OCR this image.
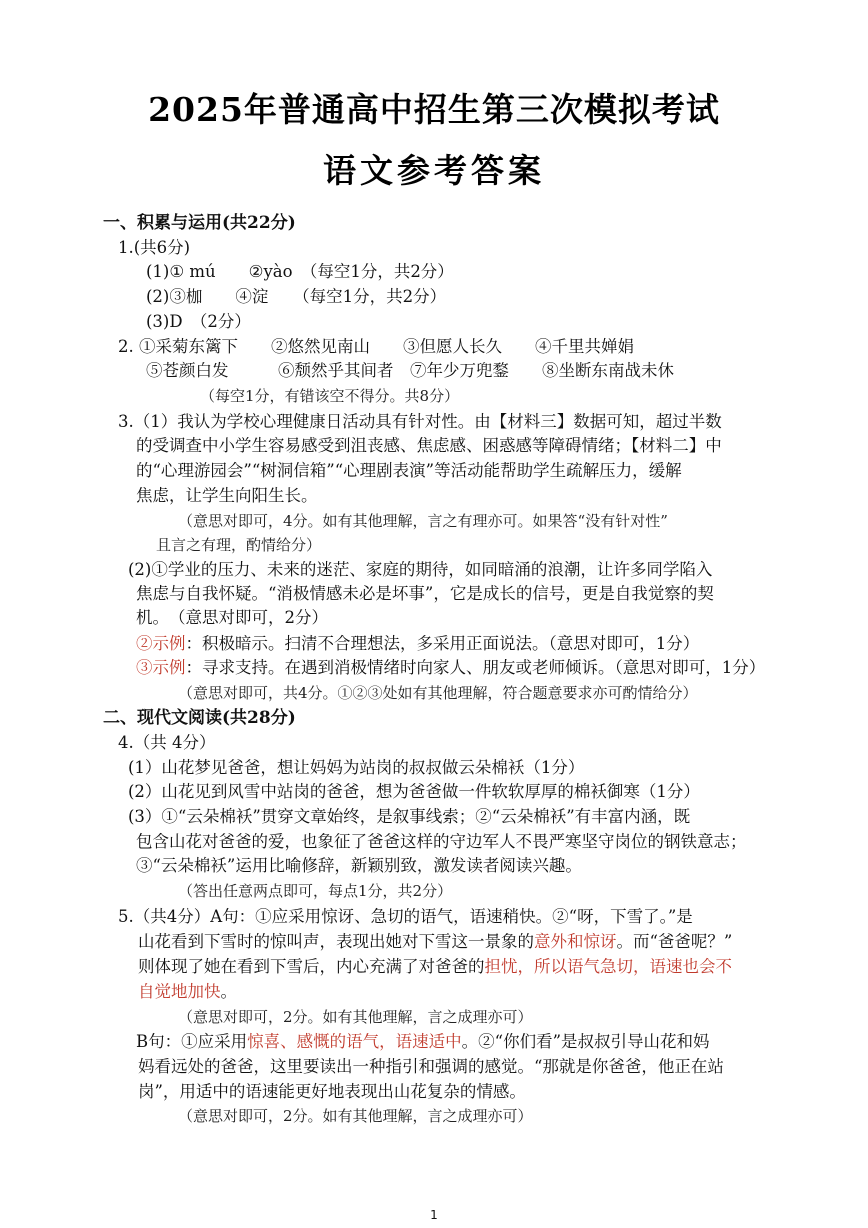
2025年普通高中招生第三次模拟考试
语文参考答案
一、积累与运用(共22分)
1.(共6分)
(1)① mú　　②yào　（每空1分，共2分）
(2)③枷　　④淀　　（每空1分，共2分）
(3)D　（2分）
2. ①采菊东篱下　　②悠然见南山　　③但愿人长久　　④千里共婵娟
⑤苍颜白发　　　⑥颓然乎其间者　⑦年少万兜鍪　　⑧坐断东南战未休
（每空1分，有错该空不得分。共8分）
3.（1）我认为学校心理健康日活动具有针对性。由【材料三】数据可知，超过半数
的受调查中小学生容易感受到沮丧感、焦虑感、困惑感等障碍情绪；【材料二】中
的“心理游园会”“树洞信箱”“心理剧表演”等活动能帮助学生疏解压力，缓解
焦虑，让学生向阳生长。
（意思对即可，4分。如有其他理解，言之有理亦可。如果答“没有针对性”
且言之有理，酌情给分）
(2)①学业的压力、未来的迷茫、家庭的期待，如同暗涌的浪潮，让许多同学陷入
焦虑与自我怀疑。“消极情感未必是坏事”，它是成长的信号，更是自我觉察的契
机。　（意思对即可，2分）
②示例：积极暗示。扫清不合理想法，多采用正面说法。（意思对即可，1分）
③示例：寻求支持。在遇到消极情绪时向家人、朋友或老师倾诉。（意思对即可，1分）
（意思对即可，共4分。①②③处如有其他理解，符合题意要求亦可酌情给分）
二、现代文阅读(共28分)
4.（共 4分）
(1）山花梦见爸爸，想让妈妈为站岗的叔叔做云朵棉袄（1分）
(2）山花见到风雪中站岗的爸爸，想为爸爸做一件软软厚厚的棉袄御寒（1分）
(3）①“云朵棉袄”贯穿文章始终，是叙事线索；②“云朵棉袄”有丰富内涵，既
包含山花对爸爸的爱，也象征了爸爸这样的守边军人不畏严寒坚守岗位的钢铁意志；
③“云朵棉袄”运用比喻修辞，新颖别致，激发读者阅读兴趣。
（答出任意两点即可，每点1分，共2分）
5.（共4分）A句：①应采用惊讶、急切的语气，语速稍快。②“呀，下雪了。”是
山花看到下雪时的惊叫声，表现出她对下雪这一景象的意外和惊讶。而“爸爸呢？”
则体现了她在看到下雪后，内心充满了对爸爸的担忧，所以语气急切，语速也会不
自觉地加快。
（意思对即可，2分。如有其他理解，言之成理亦可）
B句：①应采用惊喜、感慨的语气，语速适中。②“你们看”是叔叔引导山花和妈
妈看远处的爸爸，这里要读出一种指引和强调的感觉。“那就是你爸爸，他正在站
岗”，用适中的语速能更好地表现出山花复杂的情感。
（意思对即可，2分。如有其他理解，言之成理亦可）
1
